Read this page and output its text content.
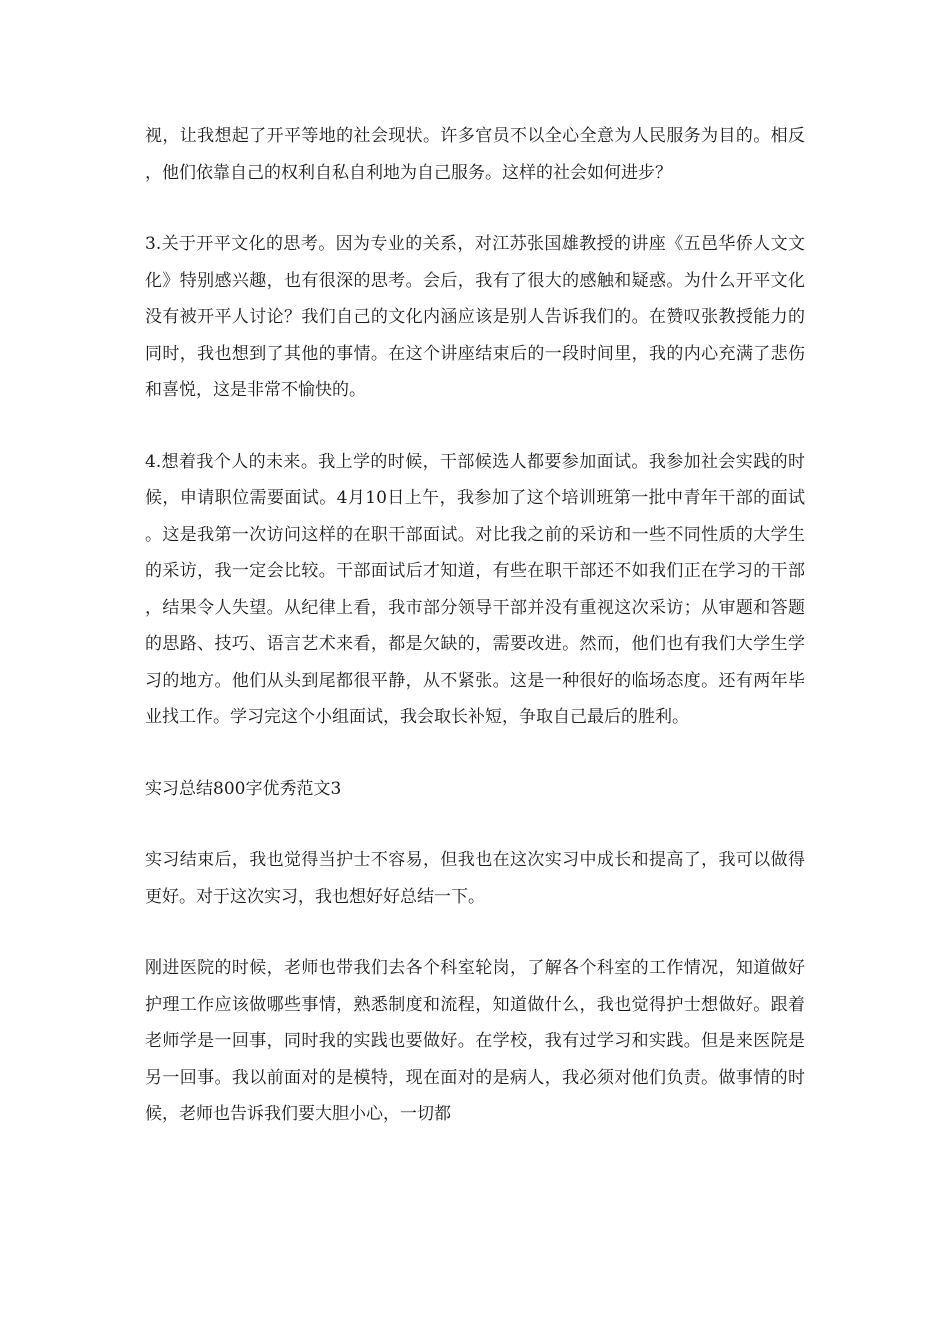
视，让我想起了开平等地的社会现状。许多官员不以全心全意为人民服务为目的。相反，他们依靠自己的权利自私自利地为自己服务。这样的社会如何进步？

3.关于开平文化的思考。因为专业的关系，对江苏张国雄教授的讲座《五邑华侨人文文化》特别感兴趣，也有很深的思考。会后，我有了很大的感触和疑惑。为什么开平文化没有被开平人讨论？我们自己的文化内涵应该是别人告诉我们的。在赞叹张教授能力的同时，我也想到了其他的事情。在这个讲座结束后的一段时间里，我的内心充满了悲伤和喜悦，这是非常不愉快的。

4.想着我个人的未来。我上学的时候，干部候选人都要参加面试。我参加社会实践的时候，申请职位需要面试。4月10日上午，我参加了这个培训班第一批中青年干部的面试。这是我第一次访问这样的在职干部面试。对比我之前的采访和一些不同性质的大学生的采访，我一定会比较。干部面试后才知道，有些在职干部还不如我们正在学习的干部，结果令人失望。从纪律上看，我市部分领导干部并没有重视这次采访；从审题和答题的思路、技巧、语言艺术来看，都是欠缺的，需要改进。然而，他们也有我们大学生学习的地方。他们从头到尾都很平静，从不紧张。这是一种很好的临场态度。还有两年毕业找工作。学习完这个小组面试，我会取长补短，争取自己最后的胜利。

实习总结800字优秀范文3

实习结束后，我也觉得当护士不容易，但我也在这次实习中成长和提高了，我可以做得更好。对于这次实习，我也想好好总结一下。

刚进医院的时候，老师也带我们去各个科室轮岗，了解各个科室的工作情况，知道做好护理工作应该做哪些事情，熟悉制度和流程，知道做什么，我也觉得护士想做好。跟着老师学是一回事，同时我的实践也要做好。在学校，我有过学习和实践。但是来医院是另一回事。我以前面对的是模特，现在面对的是病人，我必须对他们负责。做事情的时候，老师也告诉我们要大胆小心，一切都
